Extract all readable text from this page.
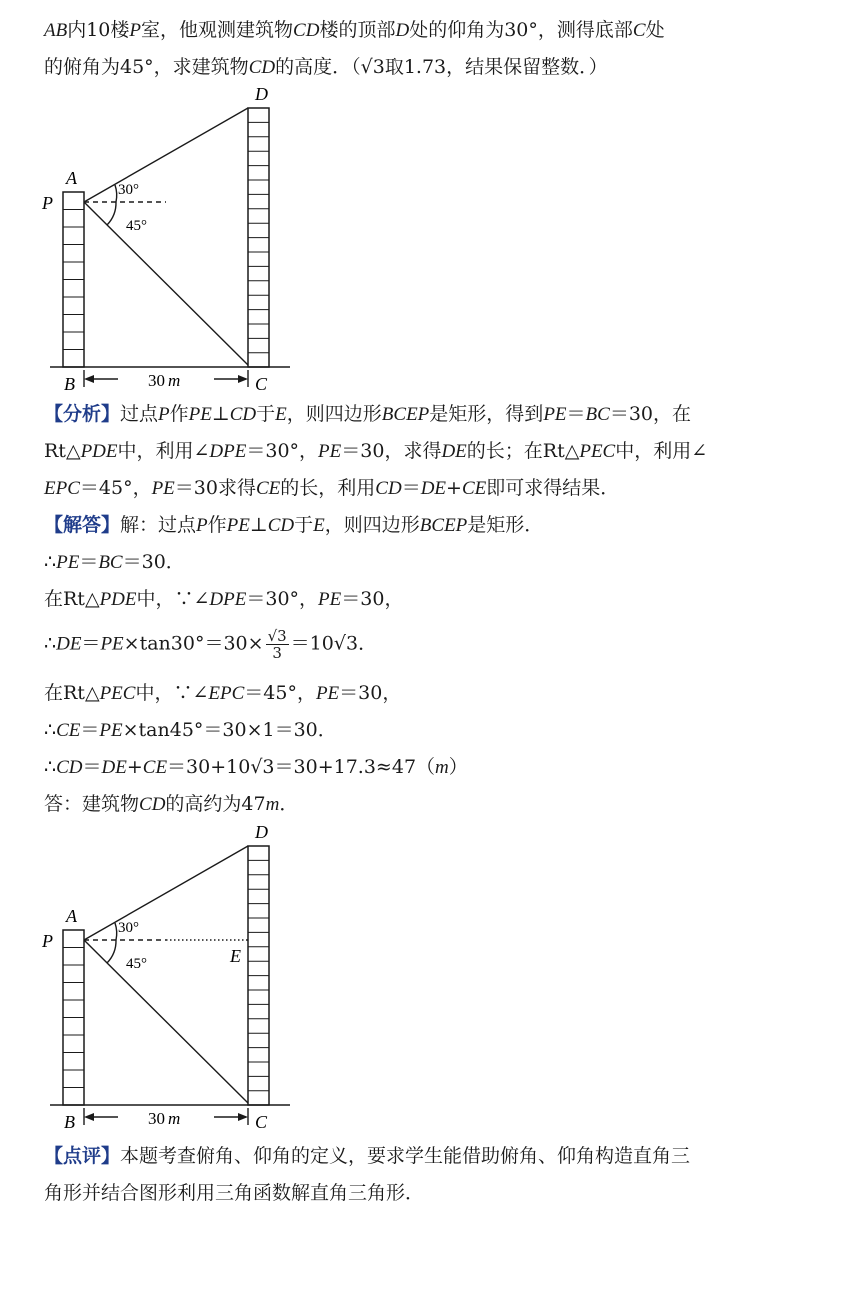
AB内10楼P室，他观测建筑物CD楼的顶部D处的仰角为30°，测得底部C处
的俯角为45°，求建筑物CD的高度．（√3取1.73，结果保留整数．）
D
A
P
B	C
30°
45°
30 m
【分析】过点P作PE⊥CD于E，则四边形BCEP是矩形，得到PE＝BC＝30，在
Rt△PDE中，利用∠DPE＝30°，PE＝30，求得DE的长；在Rt△PEC中，利用∠
EPC＝45°，PE＝30求得CE的长，利用CD＝DE+CE即可求得结果．
【解答】解：过点P作PE⊥CD于E，则四边形BCEP是矩形．
∴PE＝BC＝30．
在Rt△PDE中，∵∠DPE＝30°，PE＝30，
∴DE＝PE×tan30°＝30× $\frac{√3}{3} =10√3$．
在Rt△PEC中，∵∠EPC＝45°，PE＝30，
∴CE＝PE×tan45°＝30×1＝30．
∴CD＝DE+CE＝30+10√3＝30+17.3≈47（m）
答：建筑物CD的高约为47m．
D
A
P
E
B	C
30°
45°
30 m
【点评】本题考查俯角、仰角的定义，要求学生能借助俯角、仰角构造直角三
角形并结合图形利用三角函数解直角三角形．
